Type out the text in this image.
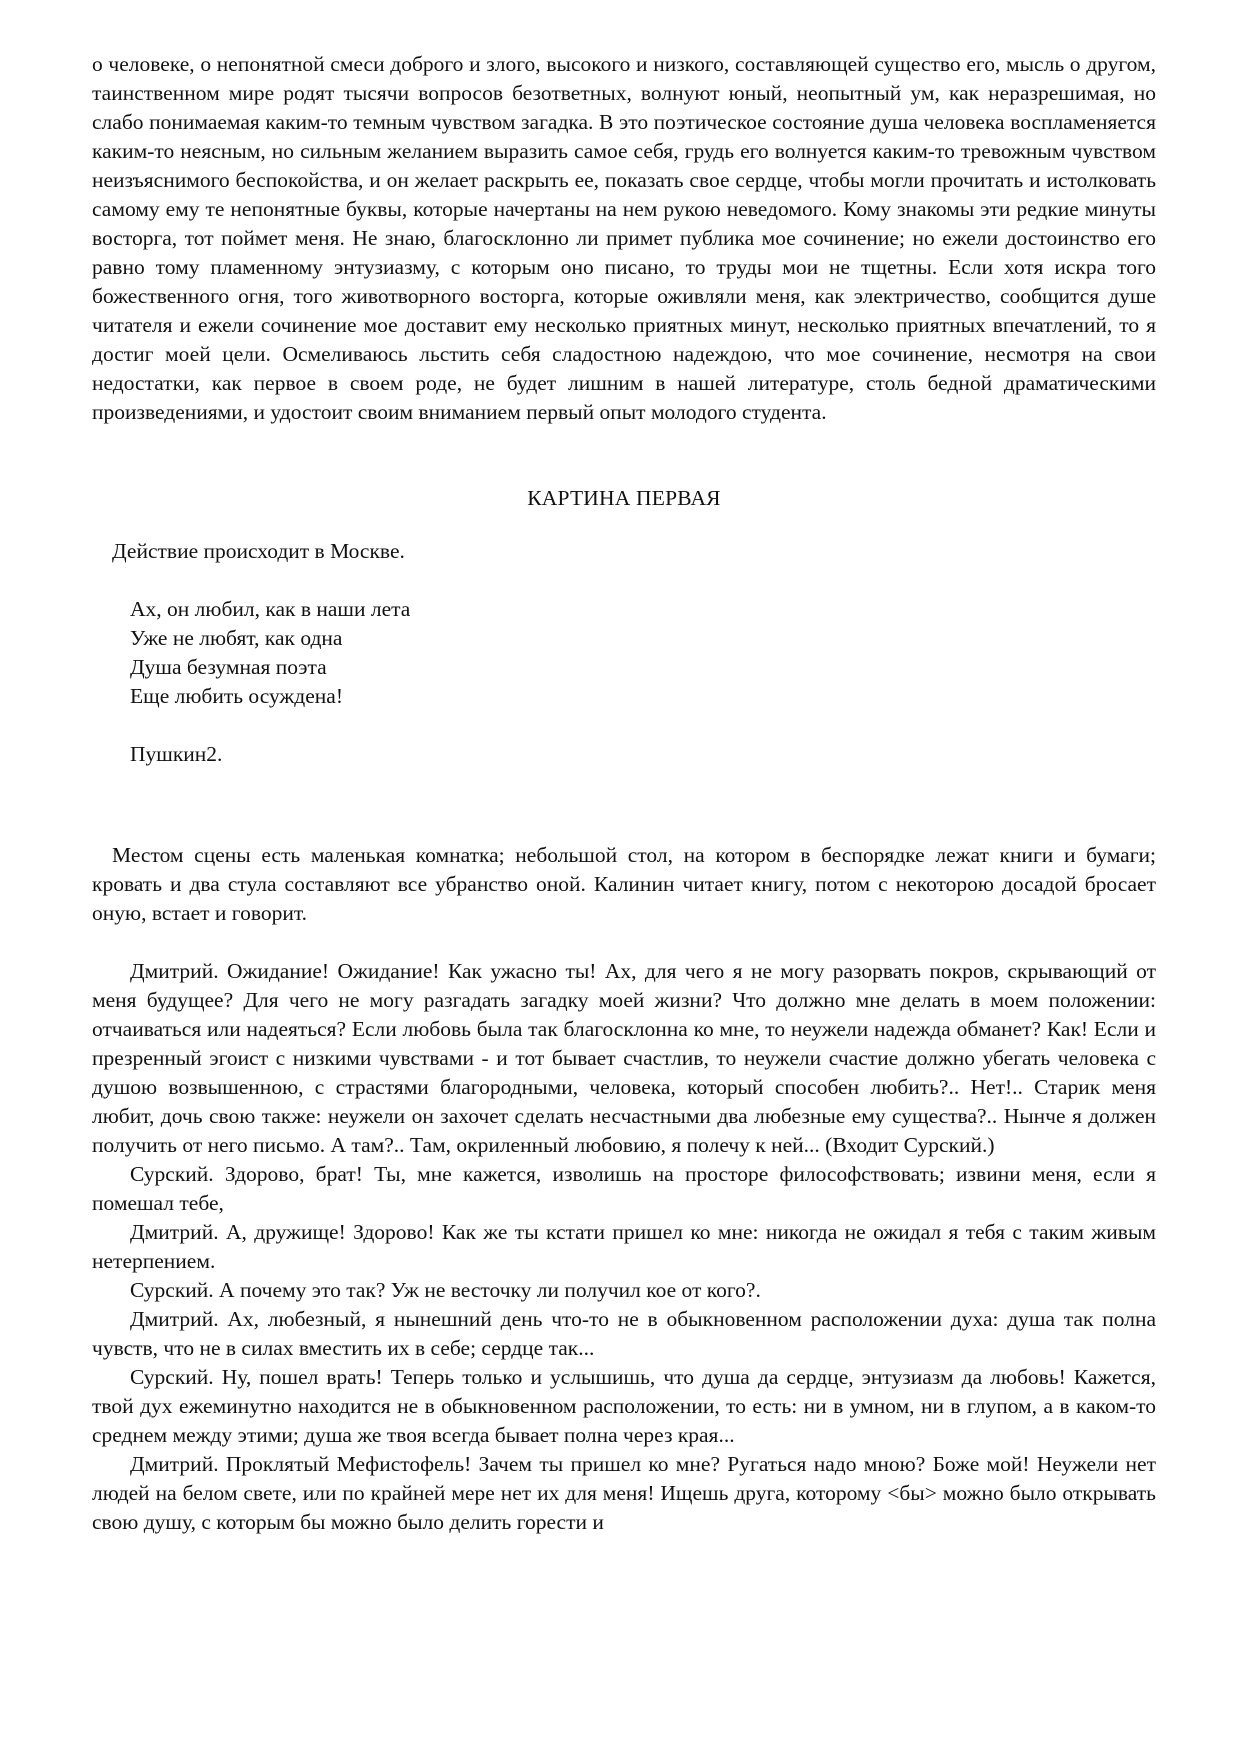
о человеке, о непонятной смеси доброго и злого, высокого и низкого, составляющей существо его, мысль о другом, таинственном мире родят тысячи вопросов безответных, волнуют юный, неопытный ум, как неразрешимая, но слабо понимаемая каким-то темным чувством загадка. В это поэтическое состояние душа человека воспламеняется каким-то неясным, но сильным желанием выразить самое себя, грудь его волнуется каким-то тревожным чувством неизъяснимого беспокойства, и он желает раскрыть ее, показать свое сердце, чтобы могли прочитать и истолковать самому ему те непонятные буквы, которые начертаны на нем рукою неведомого. Кому знакомы эти редкие минуты восторга, тот поймет меня. Не знаю, благосклонно ли примет публика мое сочинение; но ежели достоинство его равно тому пламенному энтузиазму, с которым оно писано, то труды мои не тщетны. Если хотя искра того божественного огня, того животворного восторга, которые оживляли меня, как электричество, сообщится душе читателя и ежели сочинение мое доставит ему несколько приятных минут, несколько приятных впечатлений, то я достиг моей цели. Осмеливаюсь льстить себя сладостною надеждою, что мое сочинение, несмотря на свои недостатки, как первое в своем роде, не будет лишним в нашей литературе, столь бедной драматическими произведениями, и удостоит своим вниманием первый опыт молодого студента.

КАРТИНА ПЕРВАЯ

Действие происходит в Москве.

Ах, он любил, как в наши лета
Уже не любят, как одна
Душа безумная поэта
Еще любить осуждена!

Пушкин2.

Местом сцены есть маленькая комнатка; небольшой стол, на котором в беспорядке лежат книги и бумаги; кровать и два стула составляют все убранство оной. Калинин читает книгу, потом с некоторою досадой бросает оную, встает и говорит.

Дмитрий. Ожидание! Ожидание! Как ужасно ты! Ах, для чего я не могу разорвать покров, скрывающий от меня будущее? Для чего не могу разгадать загадку моей жизни? Что должно мне делать в моем положении: отчаиваться или надеяться? Если любовь была так благосклонна ко мне, то неужели надежда обманет? Как! Если и презренный эгоист с низкими чувствами - и тот бывает счастлив, то неужели счастие должно убегать человека с душою возвышенною, с страстями благородными, человека, который способен любить?.. Нет!.. Старик меня любит, дочь свою также: неужели он захочет сделать несчастными два любезные ему существа?.. Нынче я должен получить от него письмо. А там?.. Там, окриленный любовию, я полечу к ней... (Входит Сурский.)

Сурский. Здорово, брат! Ты, мне кажется, изволишь на просторе философствовать; извини меня, если я помешал тебе,

Дмитрий. А, дружище! Здорово! Как же ты кстати пришел ко мне: никогда не ожидал я тебя с таким живым нетерпением.

Сурский. А почему это так? Уж не весточку ли получил кое от кого?.

Дмитрий. Ах, любезный, я нынешний день что-то не в обыкновенном расположении духа: душа так полна чувств, что не в силах вместить их в себе; сердце так...

Сурский. Ну, пошел врать! Теперь только и услышишь, что душа да сердце, энтузиазм да любовь! Кажется, твой дух ежеминутно находится не в обыкновенном расположении, то есть: ни в умном, ни в глупом, а в каком-то среднем между этими; душа же твоя всегда бывает полна через края...

Дмитрий. Проклятый Мефистофель! Зачем ты пришел ко мне? Ругаться надо мною? Боже мой! Неужели нет людей на белом свете, или по крайней мере нет их для меня! Ищешь друга, которому <бы> можно было открывать свою душу, с которым бы можно было делить горести и
